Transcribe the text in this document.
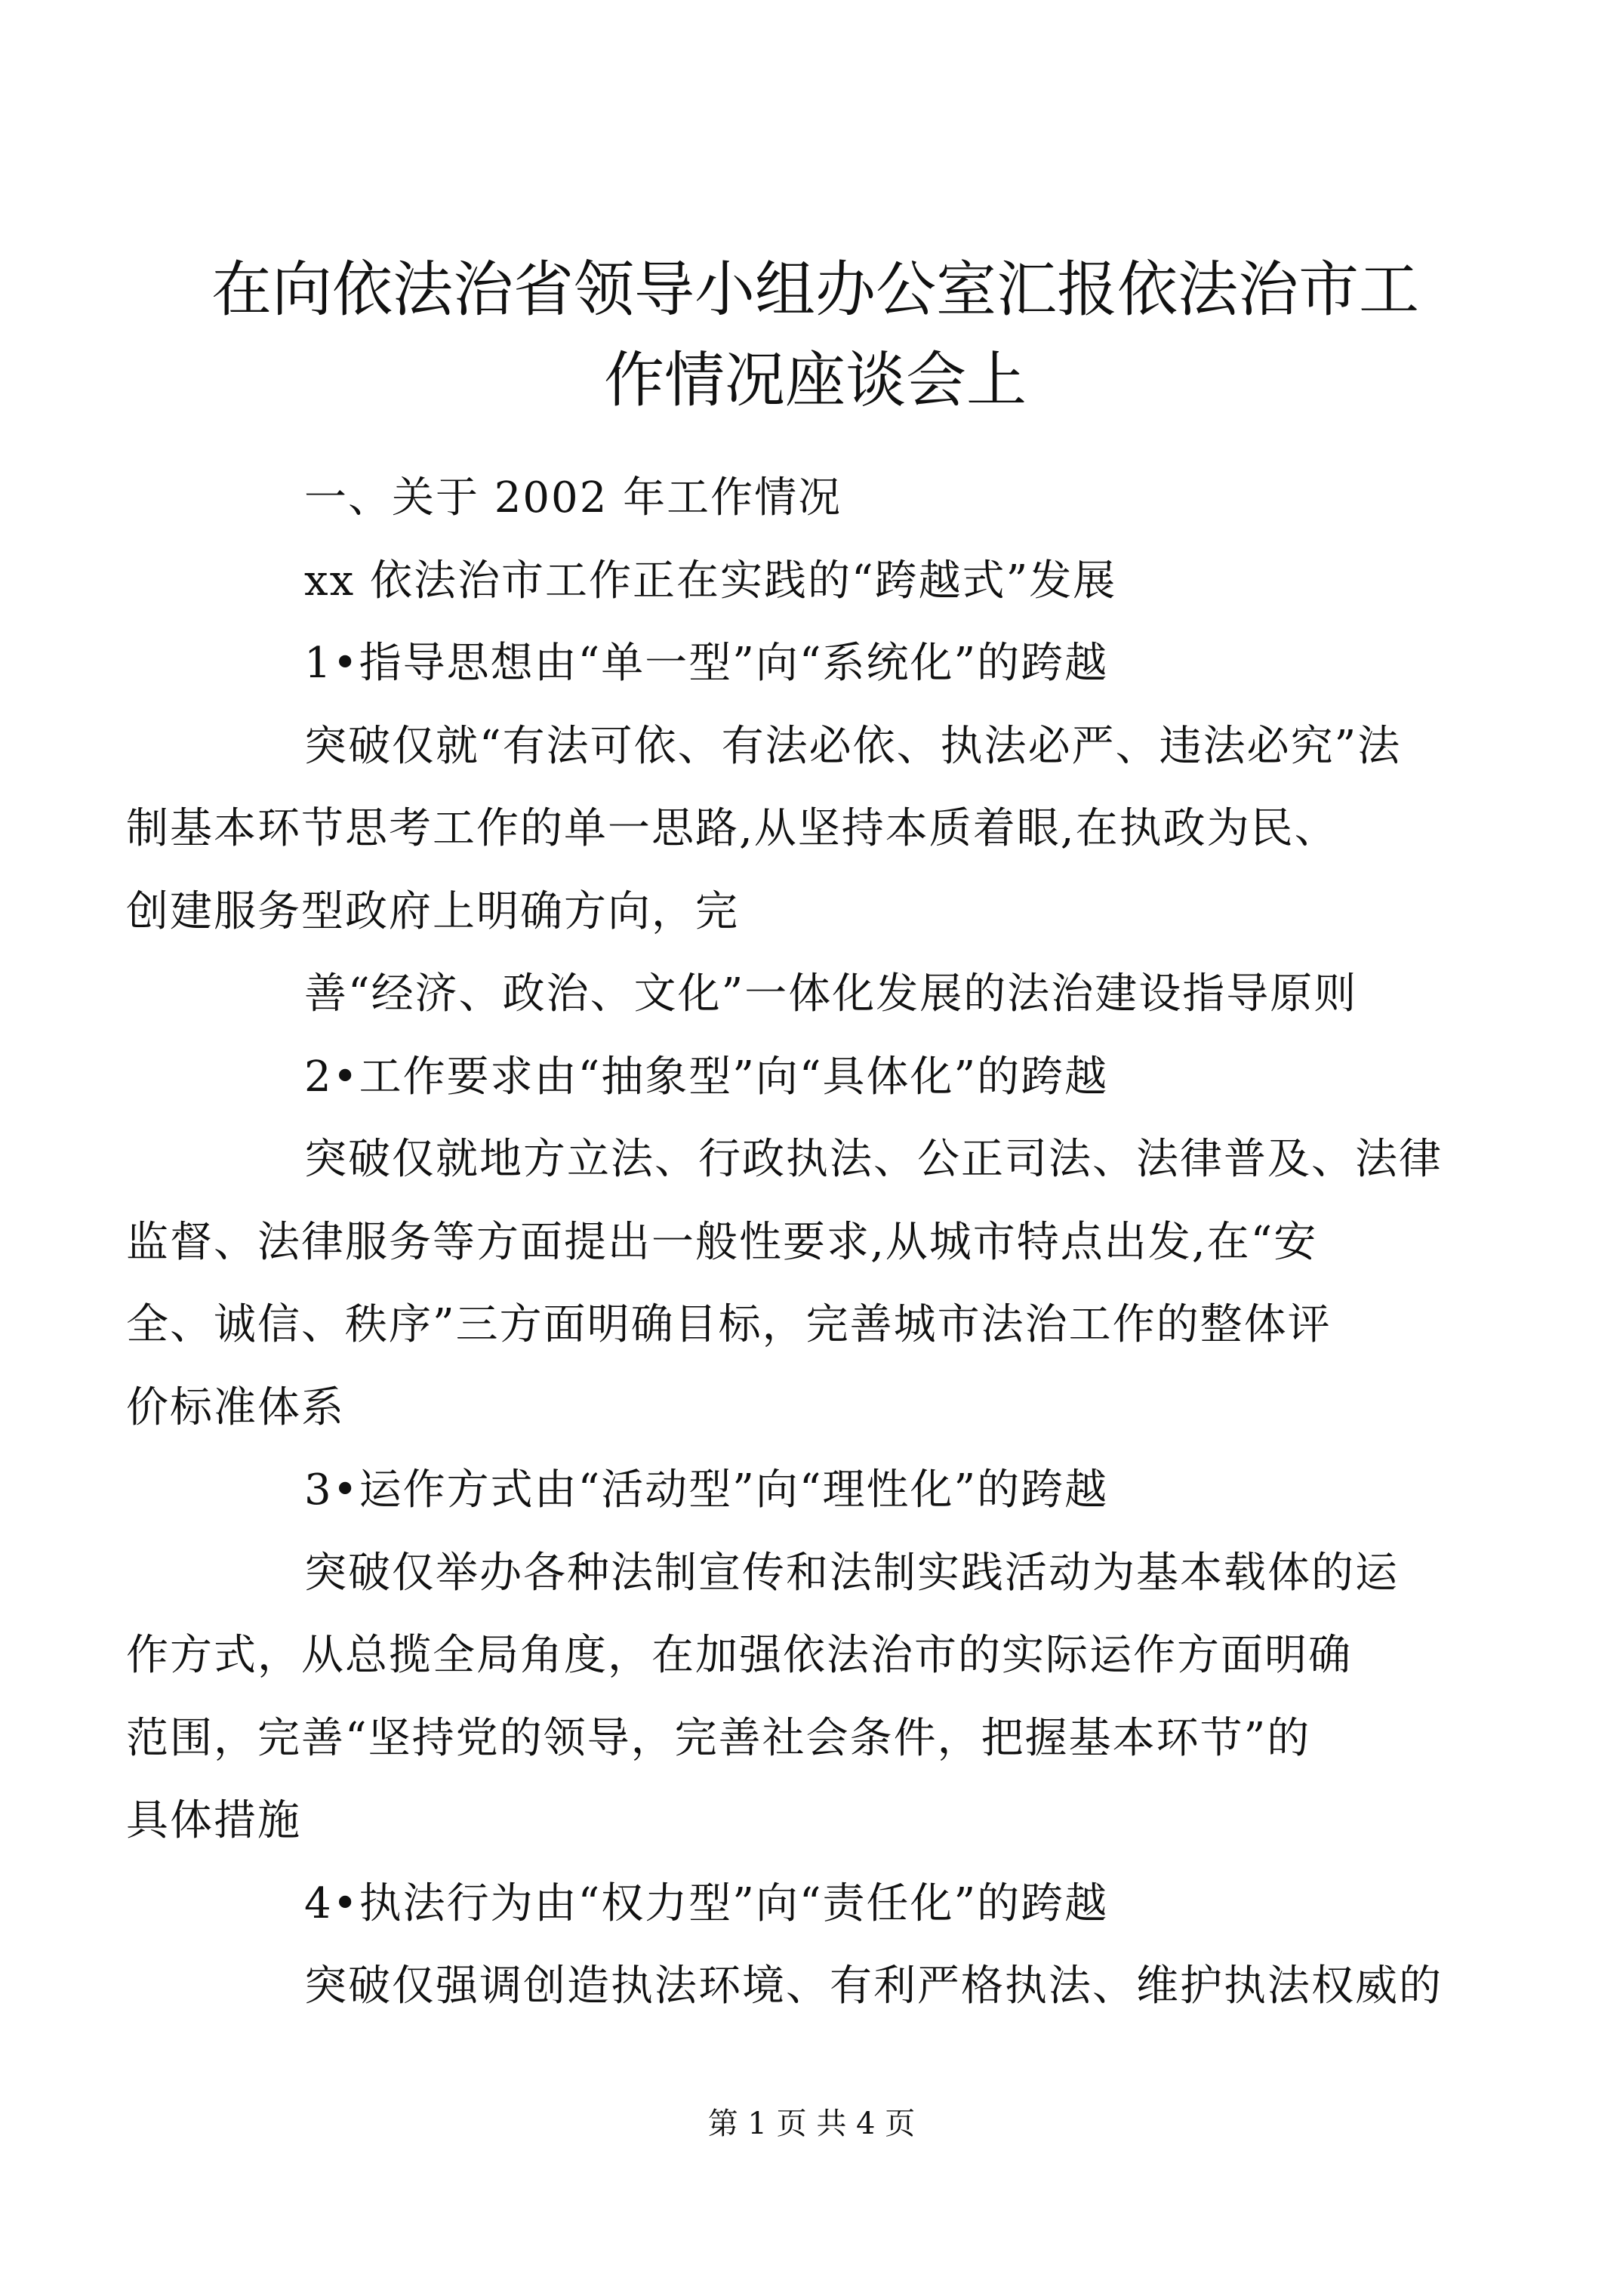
在向依法治省领导小组办公室汇报依法治市工
作情况座谈会上

一、关于 2002 年工作情况

xx 依法治市工作正在实践的“跨越式”发展

1•指导思想由“单一型”向“系统化”的跨越

突破仅就“有法可依、有法必依、执法必严、违法必究”法
制基本环节思考工作的单一思路,从坚持本质着眼,在执政为民、
创建服务型政府上明确方向，完

善“经济、政治、文化”一体化发展的法治建设指导原则

2•工作要求由“抽象型”向“具体化”的跨越

突破仅就地方立法、行政执法、公正司法、法律普及、法律
监督、法律服务等方面提出一般性要求,从城市特点出发,在“安
全、诚信、秩序”三方面明确目标，完善城市法治工作的整体评
价标准体系

3•运作方式由“活动型”向“理性化”的跨越

突破仅举办各种法制宣传和法制实践活动为基本载体的运
作方式，从总揽全局角度，在加强依法治市的实际运作方面明确
范围，完善“坚持党的领导，完善社会条件，把握基本环节”的
具体措施

4•执法行为由“权力型”向“责任化”的跨越

突破仅强调创造执法环境、有利严格执法、维护执法权威的

第 1 页 共 4 页
